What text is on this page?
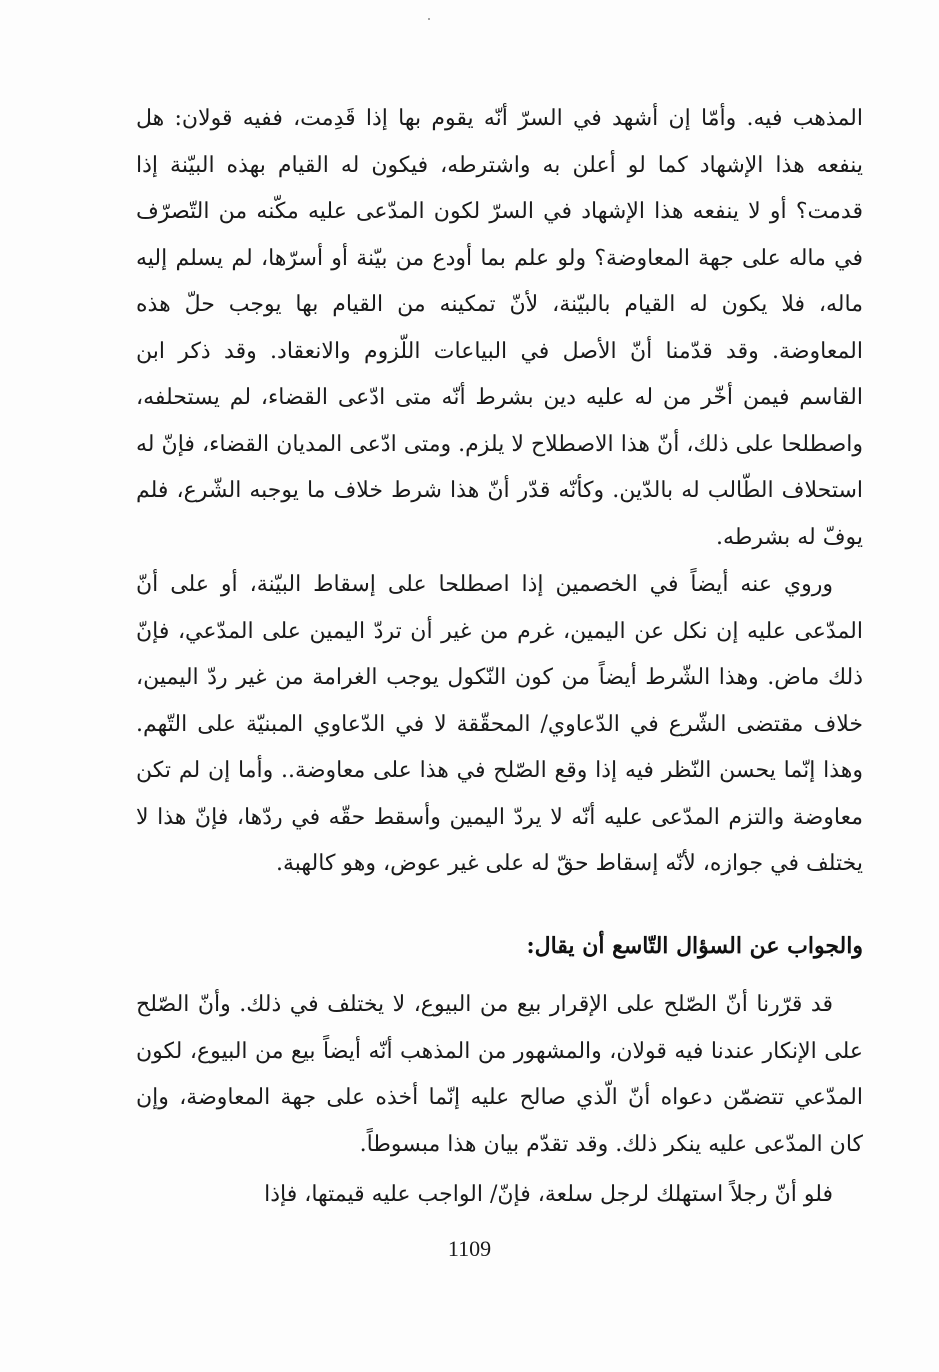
المذهب فيه. وأمّا إن أشهد في السرّ أنّه يقوم بها إذا قَدِمت، ففيه قولان: هل ينفعه هذا الإشهاد كما لو أعلن به واشترطه، فيكون له القيام بهذه البيّنة إذا قدمت؟ أو لا ينفعه هذا الإشهاد في السرّ لكون المدّعى عليه مكّنه من التّصرّف في ماله على جهة المعاوضة؟ ولو علم بما أودع من بيّنة أو أسرّها، لم يسلم إليه ماله، فلا يكون له القيام بالبيّنة، لأنّ تمكينه من القيام بها يوجب حلّ هذه المعاوضة. وقد قدّمنا أنّ الأصل في البياعات اللّزوم والانعقاد. وقد ذكر ابن القاسم فيمن أخّر من له عليه دين بشرط أنّه متى ادّعى القضاء، لم يستحلفه، واصطلحا على ذلك، أنّ هذا الاصطلاح لا يلزم. ومتى ادّعى المديان القضاء، فإنّ له استحلاف الطّالب له بالدّين. وكأنّه قدّر أنّ هذا شرط خلاف ما يوجبه الشّرع، فلم يوفّ له بشرطه.

وروي عنه أيضاً في الخصمين إذا اصطلحا على إسقاط البيّنة، أو على أنّ المدّعى عليه إن نكل عن اليمين، غرم من غير أن تردّ اليمين على المدّعي، فإنّ ذلك ماض. وهذا الشّرط أيضاً من كون النّكول يوجب الغرامة من غير ردّ اليمين، خلاف مقتضى الشّرع في الدّعاوي/ المحقّقة لا في الدّعاوي المبنيّة على التّهم. وهذا إنّما يحسن النّظر فيه إذا وقع الصّلح في هذا على معاوضة.. وأما إن لم تكن معاوضة والتزم المدّعى عليه أنّه لا يردّ اليمين وأسقط حقّه في ردّها، فإنّ هذا لا يختلف في جوازه، لأنّه إسقاط حقّ له على غير عوض، وهو كالهبة.

والجواب عن السؤال التّاسع أن يقال:

قد قرّرنا أنّ الصّلح على الإقرار بيع من البيوع، لا يختلف في ذلك. وأنّ الصّلح على الإنكار عندنا فيه قولان، والمشهور من المذهب أنّه أيضاً بيع من البيوع، لكون المدّعي تتضمّن دعواه أنّ الّذي صالح عليه إنّما أخذه على جهة المعاوضة، وإن كان المدّعى عليه ينكر ذلك. وقد تقدّم بيان هذا مبسوطاً.

فلو أنّ رجلاً استهلك لرجل سلعة، فإنّ/ الواجب عليه قيمتها، فإذا

1109
